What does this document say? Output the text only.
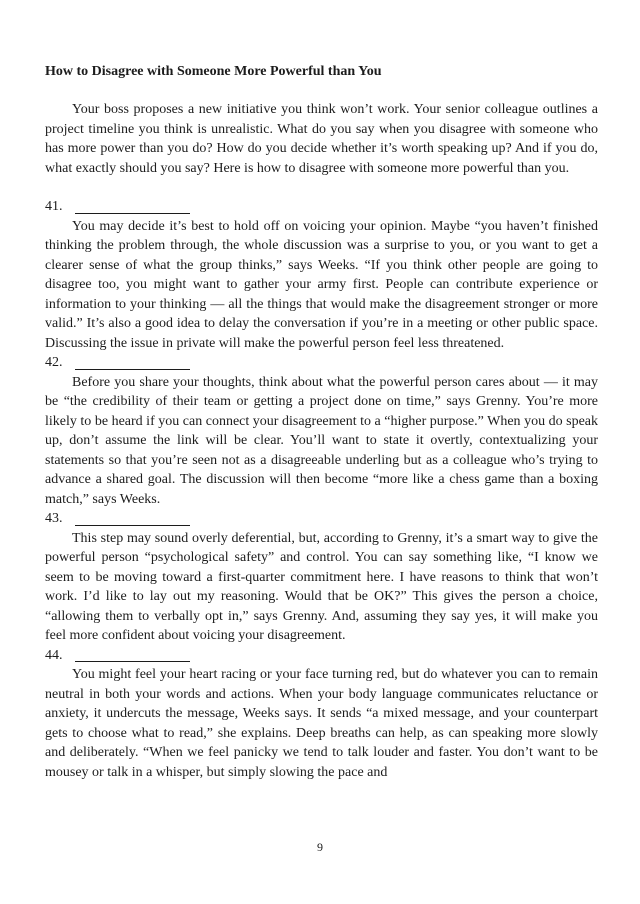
How to Disagree with Someone More Powerful than You

Your boss proposes a new initiative you think won’t work. Your senior colleague outlines a project timeline you think is unrealistic. What do you say when you disagree with someone who has more power than you do? How do you decide whether it’s worth speaking up? And if you do, what exactly should you say? Here is how to disagree with someone more powerful than you.

41.

You may decide it’s best to hold off on voicing your opinion. Maybe “you haven’t finished thinking the problem through, the whole discussion was a surprise to you, or you want to get a clearer sense of what the group thinks,” says Weeks. “If you think other people are going to disagree too, you might want to gather your army first. People can contribute experience or information to your thinking — all the things that would make the disagreement stronger or more valid.” It’s also a good idea to delay the conversation if you’re in a meeting or other public space. Discussing the issue in private will make the powerful person feel less threatened.

42.

Before you share your thoughts, think about what the powerful person cares about — it may be “the credibility of their team or getting a project done on time,” says Grenny. You’re more likely to be heard if you can connect your disagreement to a “higher purpose.” When you do speak up, don’t assume the link will be clear. You’ll want to state it overtly, contextualizing your statements so that you’re seen not as a disagreeable underling but as a colleague who’s trying to advance a shared goal. The discussion will then become “more like a chess game than a boxing match,” says Weeks.

43.

This step may sound overly deferential, but, according to Grenny, it’s a smart way to give the powerful person “psychological safety” and control. You can say something like, “I know we seem to be moving toward a first-quarter commitment here. I have reasons to think that won’t work. I’d like to lay out my reasoning. Would that be OK?” This gives the person a choice, “allowing them to verbally opt in,” says Grenny. And, assuming they say yes, it will make you feel more confident about voicing your disagreement.

44.

You might feel your heart racing or your face turning red, but do whatever you can to remain neutral in both your words and actions. When your body language communicates reluctance or anxiety, it undercuts the message, Weeks says. It sends “a mixed message, and your counterpart gets to choose what to read,” she explains. Deep breaths can help, as can speaking more slowly and deliberately. “When we feel panicky we tend to talk louder and faster. You don’t want to be mousey or talk in a whisper, but simply slowing the pace and

9
